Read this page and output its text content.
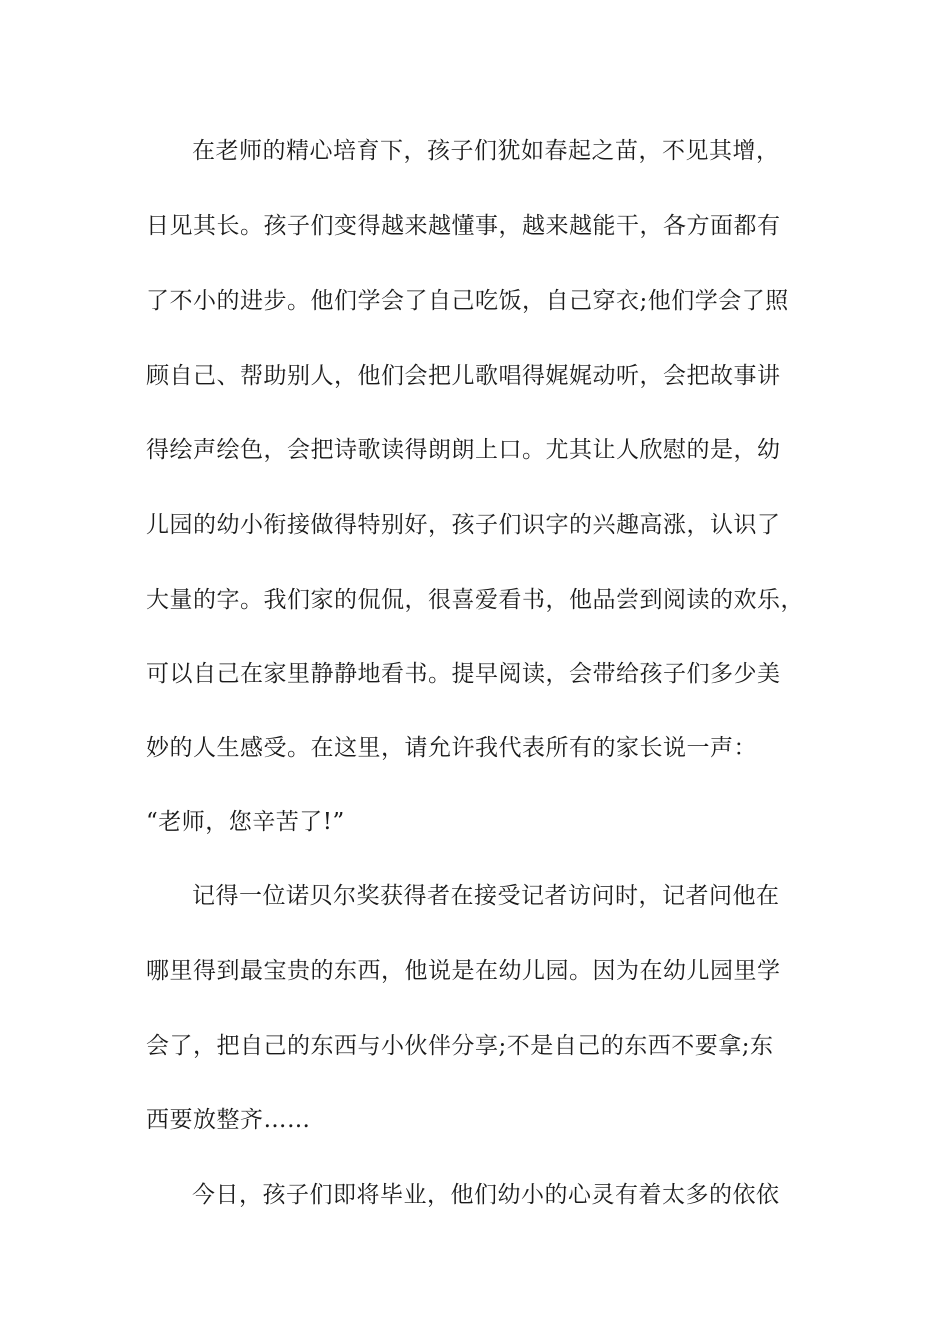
在老师的精心培育下，孩子们犹如春起之苗，不见其增，
日见其长。孩子们变得越来越懂事，越来越能干，各方面都有
了不小的进步。他们学会了自己吃饭，自己穿衣;他们学会了照
顾自己、帮助别人，他们会把儿歌唱得娓娓动听，会把故事讲
得绘声绘色，会把诗歌读得朗朗上口。尤其让人欣慰的是，幼
儿园的幼小衔接做得特别好，孩子们识字的兴趣高涨，认识了
大量的字。我们家的侃侃，很喜爱看书，他品尝到阅读的欢乐，
可以自己在家里静静地看书。提早阅读，会带给孩子们多少美
妙的人生感受。在这里，请允许我代表所有的家长说一声：
“老师，您辛苦了!”
记得一位诺贝尔奖获得者在接受记者访问时，记者问他在
哪里得到最宝贵的东西，他说是在幼儿园。因为在幼儿园里学
会了，把自己的东西与小伙伴分享;不是自己的东西不要拿;东
西要放整齐……
今日，孩子们即将毕业，他们幼小的心灵有着太多的依依
